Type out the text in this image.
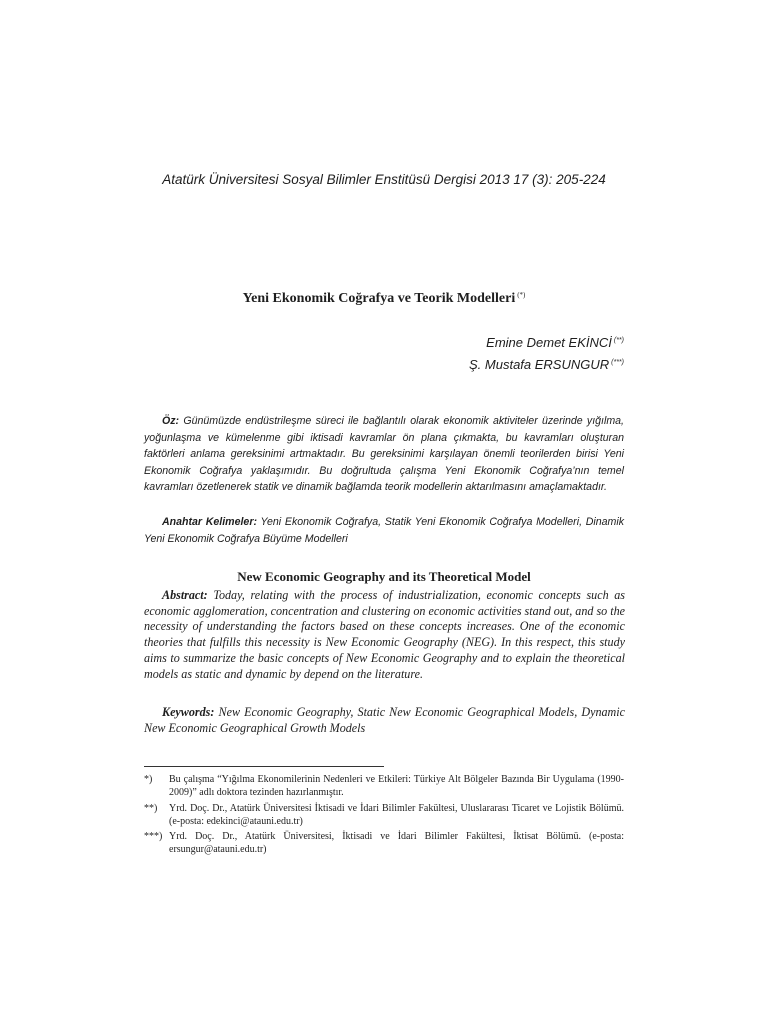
Atatürk Üniversitesi Sosyal Bilimler Enstitüsü Dergisi 2013 17 (3): 205-224
Yeni Ekonomik Coğrafya ve Teorik Modelleri (*)
Emine Demet EKİNCİ (**)
Ş. Mustafa ERSUNGUR (***)

Öz: Günümüzde endüstrileşme süreci ile bağlantılı olarak ekonomik aktiviteler üzerinde yığılma, yoğunlaşma ve kümelenme gibi iktisadi kavramlar ön plana çıkmakta, bu kavramları oluşturan faktörleri anlama gereksinimi artmaktadır. Bu gereksinimi karşılayan önemli teorilerden birisi Yeni Ekonomik Coğrafya yaklaşımıdır. Bu doğrultuda çalışma Yeni Ekonomik Coğrafya’nın temel kavramları özetlenerek statik ve dinamik bağlamda teorik modellerin aktarılmasını amaçlamaktadır.

Anahtar Kelimeler: Yeni Ekonomik Coğrafya, Statik Yeni Ekonomik Coğrafya Modelleri, Dinamik Yeni Ekonomik Coğrafya Büyüme Modelleri

New Economic Geography and its Theoretical Model

Abstract: Today, relating with the process of industrialization, economic concepts such as economic agglomeration, concentration and clustering on economic activities stand out, and so the necessity of understanding the factors based on these concepts increases. One of the economic theories that fulfills this necessity is New Economic Geography (NEG). In this respect, this study aims to summarize the basic concepts of New Economic Geography and to explain the theoretical models as static and dynamic by depend on the literature.

Keywords: New Economic Geography, Static New Economic Geographical Models, Dynamic New Economic Geographical Growth Models

*) Bu çalışma “Yığılma Ekonomilerinin Nedenleri ve Etkileri: Türkiye Alt Bölgeler Bazında Bir Uygulama (1990-2009)” adlı doktora tezinden hazırlanmıştır.
**) Yrd. Doç. Dr., Atatürk Üniversitesi İktisadi ve İdari Bilimler Fakültesi, Uluslararası Ticaret ve Lojistik Bölümü. (e-posta: edekinci@atauni.edu.tr)
***) Yrd. Doç. Dr., Atatürk Üniversitesi, İktisadi ve İdari Bilimler Fakültesi, İktisat Bölümü. (e-posta: ersungur@atauni.edu.tr)
